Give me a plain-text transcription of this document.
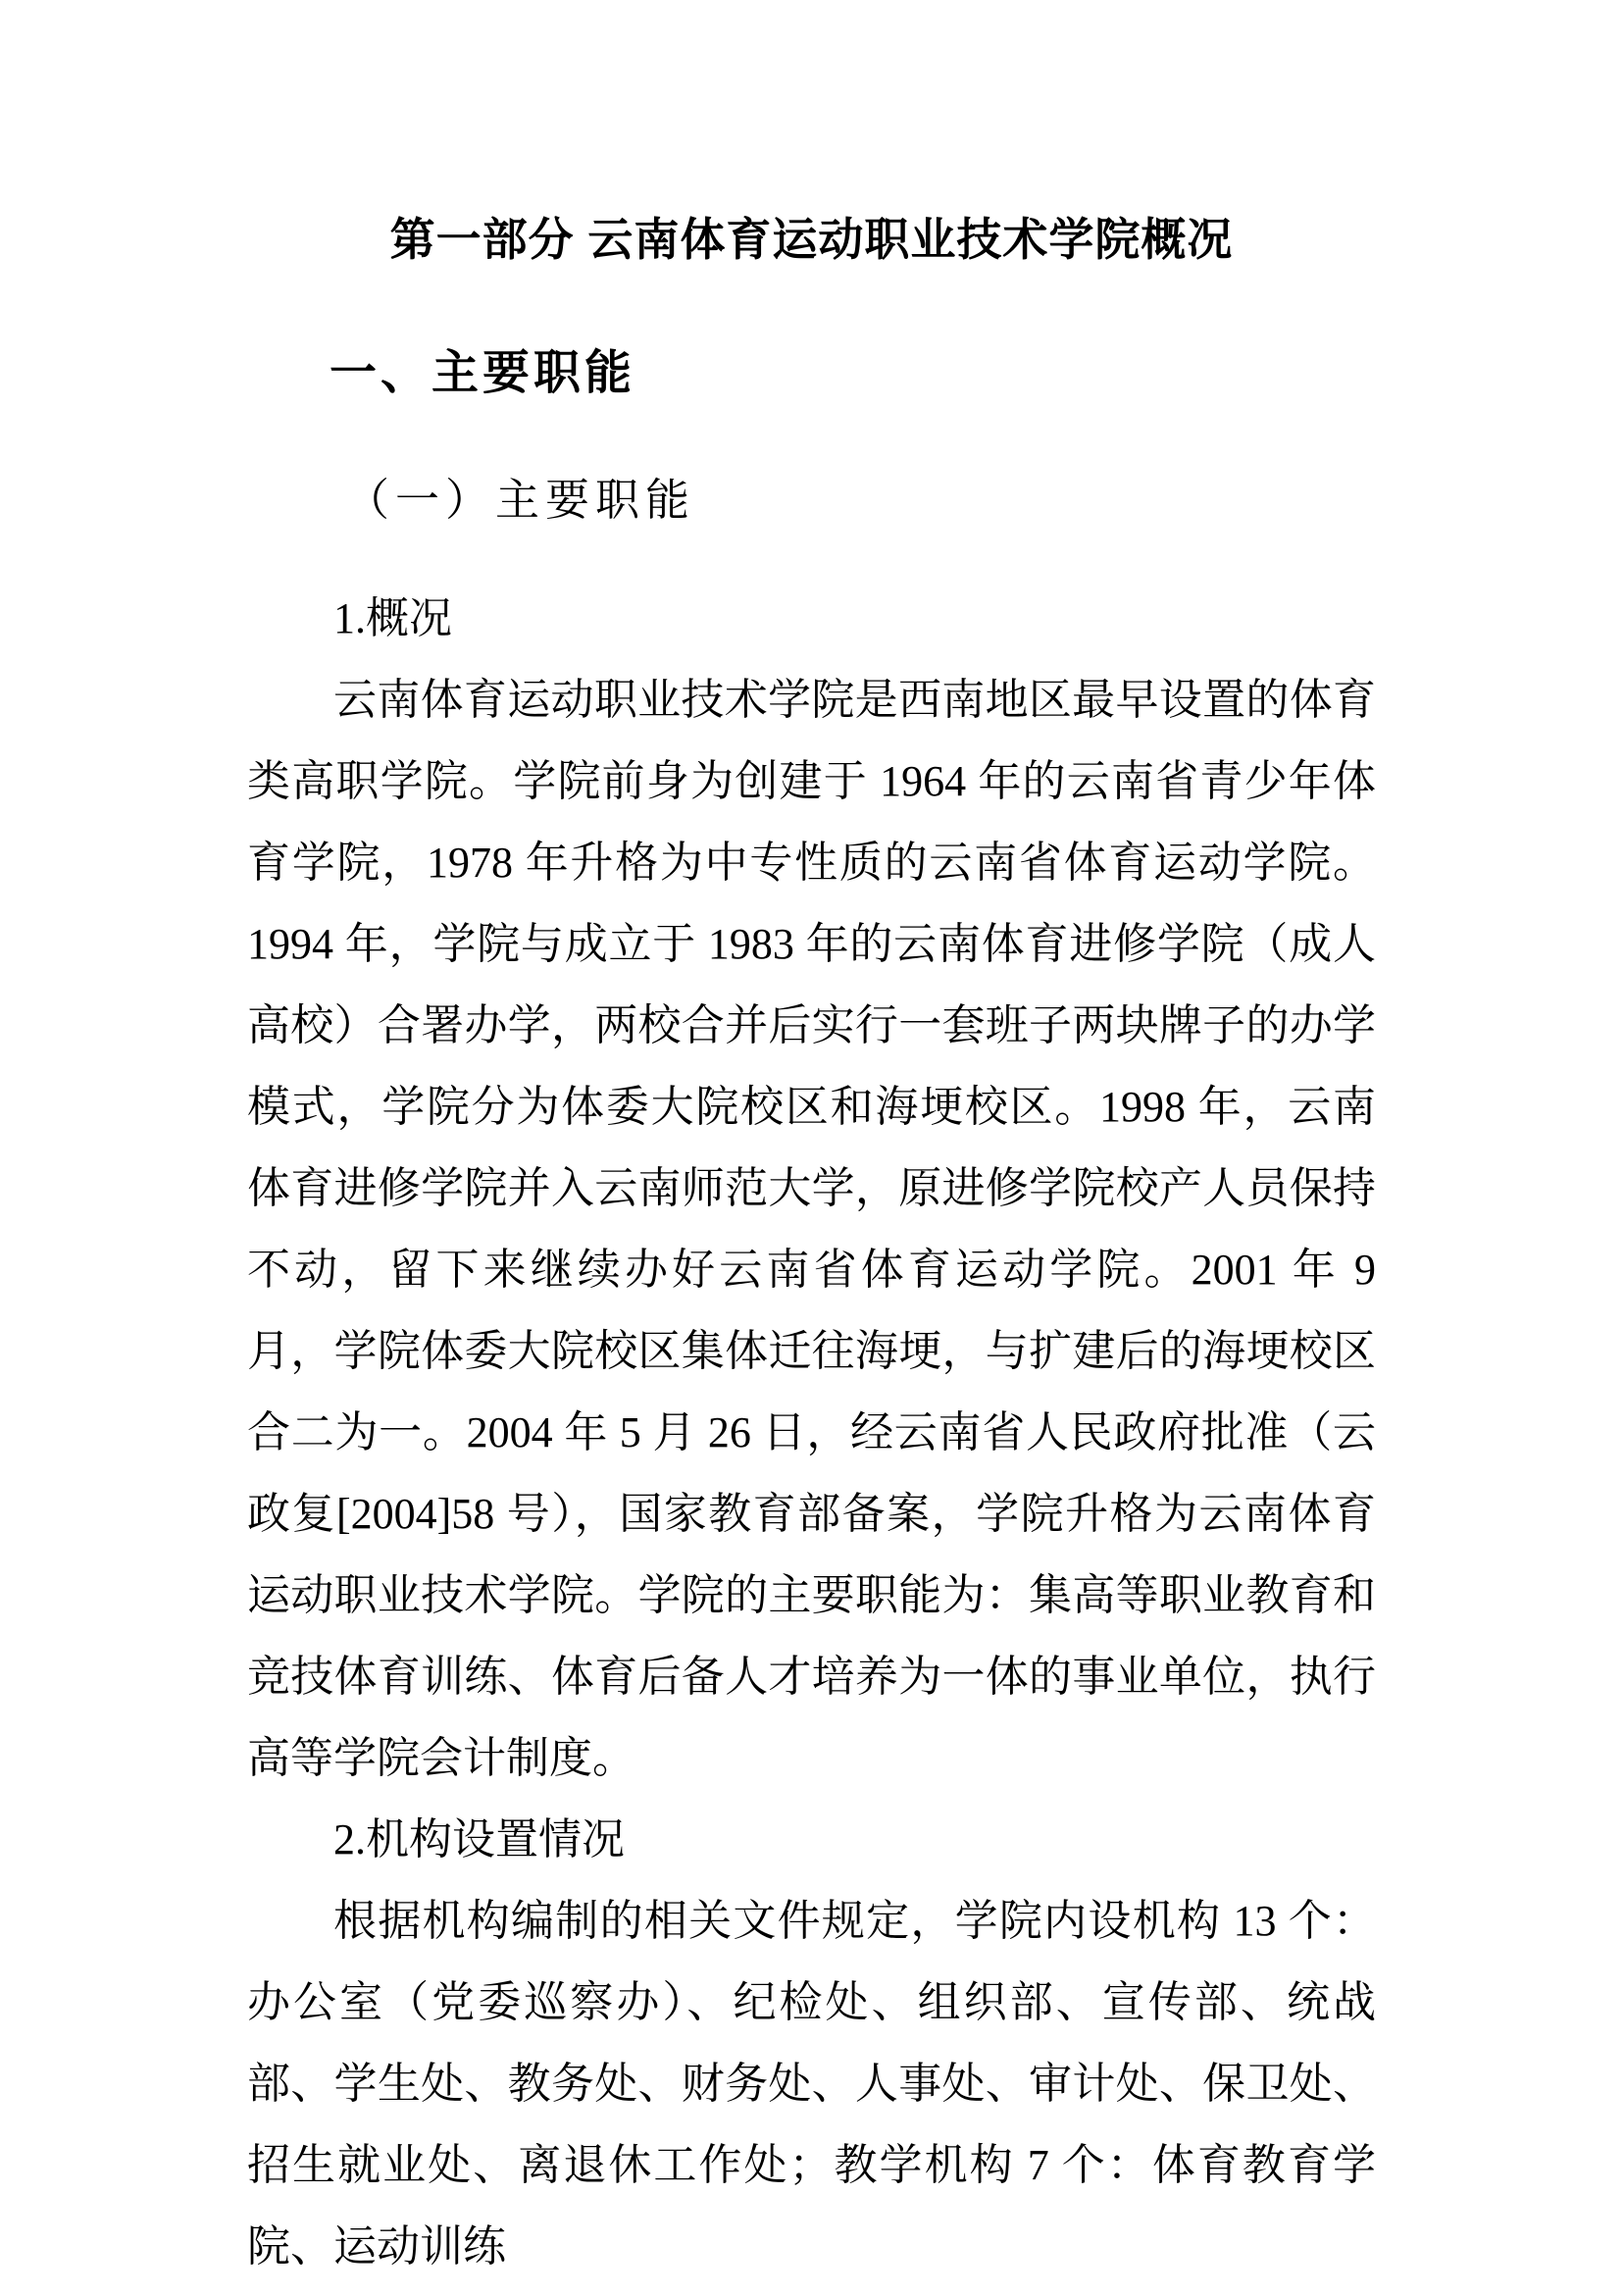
第一部分 云南体育运动职业技术学院概况
一、主要职能
（一）主要职能

1.概况

云南体育运动职业技术学院是西南地区最早设置的体育类高职学院。学院前身为创建于 1964 年的云南省青少年体育学院，1978 年升格为中专性质的云南省体育运动学院。1994 年，学院与成立于 1983 年的云南体育进修学院（成人高校）合署办学，两校合并后实行一套班子两块牌子的办学模式，学院分为体委大院校区和海埂校区。1998 年，云南体育进修学院并入云南师范大学，原进修学院校产人员保持不动，留下来继续办好云南省体育运动学院。2001 年 9 月，学院体委大院校区集体迁往海埂，与扩建后的海埂校区合二为一。2004 年 5 月 26 日，经云南省人民政府批准（云政复[2004]58 号），国家教育部备案，学院升格为云南体育运动职业技术学院。学院的主要职能为：集高等职业教育和竞技体育训练、体育后备人才培养为一体的事业单位，执行高等学院会计制度。

2.机构设置情况

根据机构编制的相关文件规定，学院内设机构 13 个：办公室（党委巡察办）、纪检处、组织部、宣传部、统战部、学生处、教务处、财务处、人事处、审计处、保卫处、招生就业处、离退休工作处；教学机构 7 个：体育教育学院、运动训练
